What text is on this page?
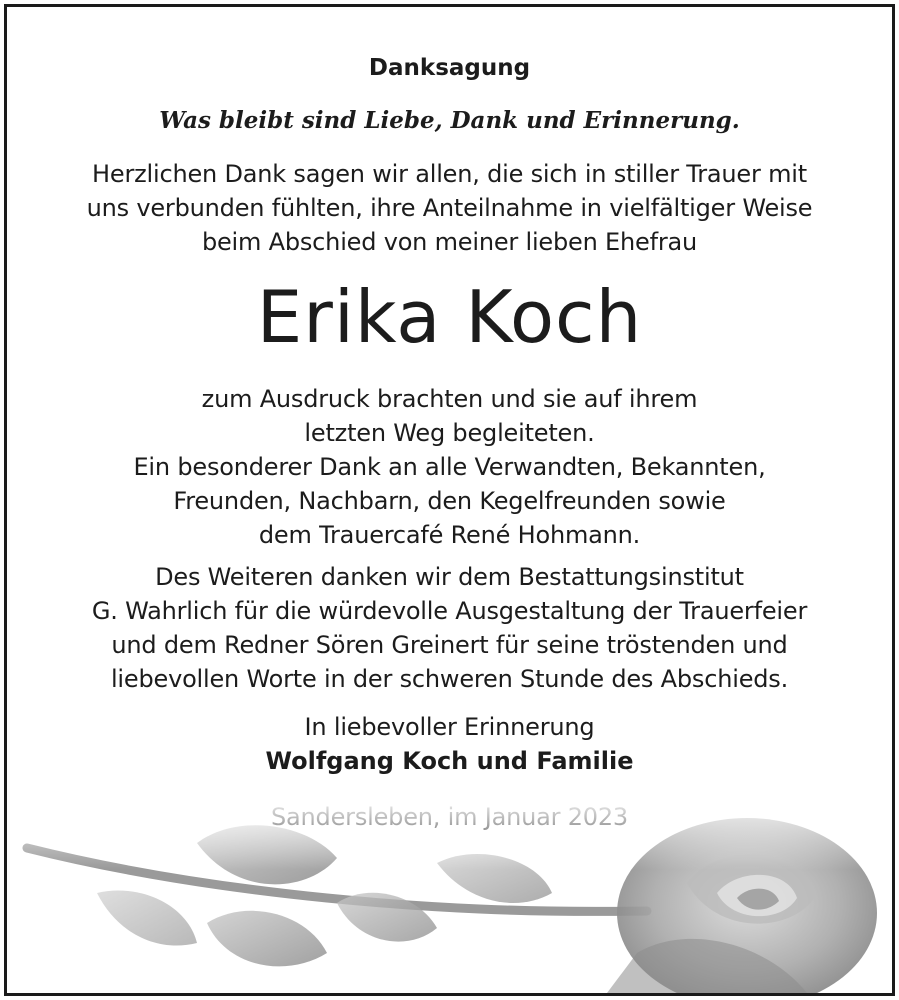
Danksagung
Was bleibt sind Liebe, Dank und Erinnerung.
Herzlichen Dank sagen wir allen, die sich in stiller Trauer mit
uns verbunden fühlten, ihre Anteilnahme in vielfältiger Weise
beim Abschied von meiner lieben Ehefrau
Erika Koch
zum Ausdruck brachten und sie auf ihrem
letzten Weg begleiteten.
Ein besonderer Dank an alle Verwandten, Bekannten,
Freunden, Nachbarn, den Kegelfreunden sowie
dem Trauercafé René Hohmann.
Des Weiteren danken wir dem Bestattungsinstitut
G. Wahrlich für die würdevolle Ausgestaltung der Trauerfeier
und dem Redner Sören Greinert für seine tröstenden und
liebevollen Worte in der schweren Stunde des Abschieds.
In liebevoller Erinnerung
Wolfgang Koch und Familie
